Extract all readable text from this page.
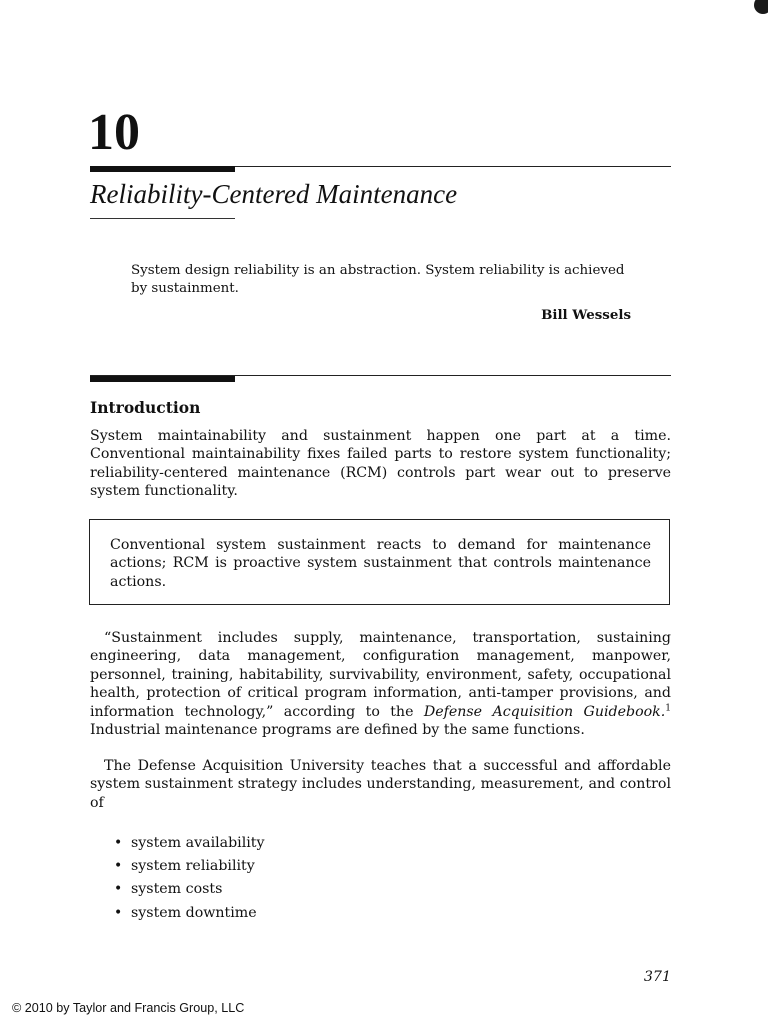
10
Reliability-Centered Maintenance
System design reliability is an abstraction. System reliability is achieved by sustainment.
Bill Wessels
Introduction
System maintainability and sustainment happen one part at a time. Conventional maintainability fixes failed parts to restore system functionality; reliability-centered maintenance (RCM) controls part wear out to preserve system functionality.
Conventional system sustainment reacts to demand for maintenance actions; RCM is proactive system sustainment that controls maintenance actions.
“Sustainment includes supply, maintenance, transportation, sustaining engineering, data management, configuration management, manpower, personnel, training, habitability, survivability, environment, safety, occupational health, protection of critical program information, anti-tamper provisions, and information technology,” according to the Defense Acquisition Guidebook.$^1$ Industrial maintenance programs are defined by the same functions.
The Defense Acquisition University teaches that a successful and affordable system sustainment strategy includes understanding, measurement, and control of
• system availability
• system reliability
• system costs
• system downtime
371
© 2010 by Taylor and Francis Group, LLC
